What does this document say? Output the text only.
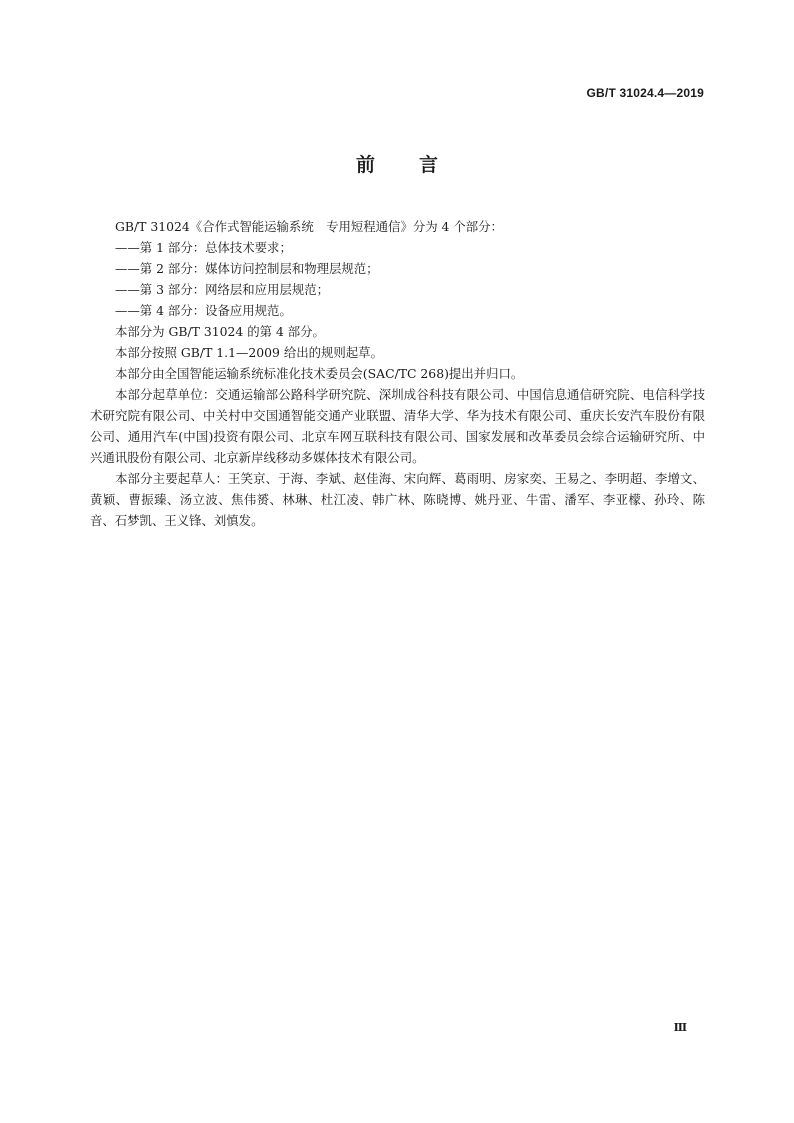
GB/T 31024.4—2019
前言

GB/T 31024《合作式智能运输系统　专用短程通信》分为 4 个部分：

——第 1 部分：总体技术要求；

——第 2 部分：媒体访问控制层和物理层规范；

——第 3 部分：网络层和应用层规范；

——第 4 部分：设备应用规范。

本部分为 GB/T 31024 的第 4 部分。

本部分按照 GB/T 1.1—2009 给出的规则起草。

本部分由全国智能运输系统标准化技术委员会(SAC/TC 268)提出并归口。

本部分起草单位：交通运输部公路科学研究院、深圳成谷科技有限公司、中国信息通信研究院、电信科学技术研究院有限公司、中关村中交国通智能交通产业联盟、清华大学、华为技术有限公司、重庆长安汽车股份有限公司、通用汽车(中国)投资有限公司、北京车网互联科技有限公司、国家发展和改革委员会综合运输研究所、中兴通讯股份有限公司、北京新岸线移动多媒体技术有限公司。

本部分主要起草人：王笑京、于海、李斌、赵佳海、宋向辉、葛雨明、房家奕、王易之、李明超、李增文、黄颖、曹振臻、汤立波、焦伟赟、林琳、杜江凌、韩广林、陈晓博、姚丹亚、牛雷、潘军、李亚檬、孙玲、陈音、石梦凯、王义锋、刘慎发。

Ⅲ
